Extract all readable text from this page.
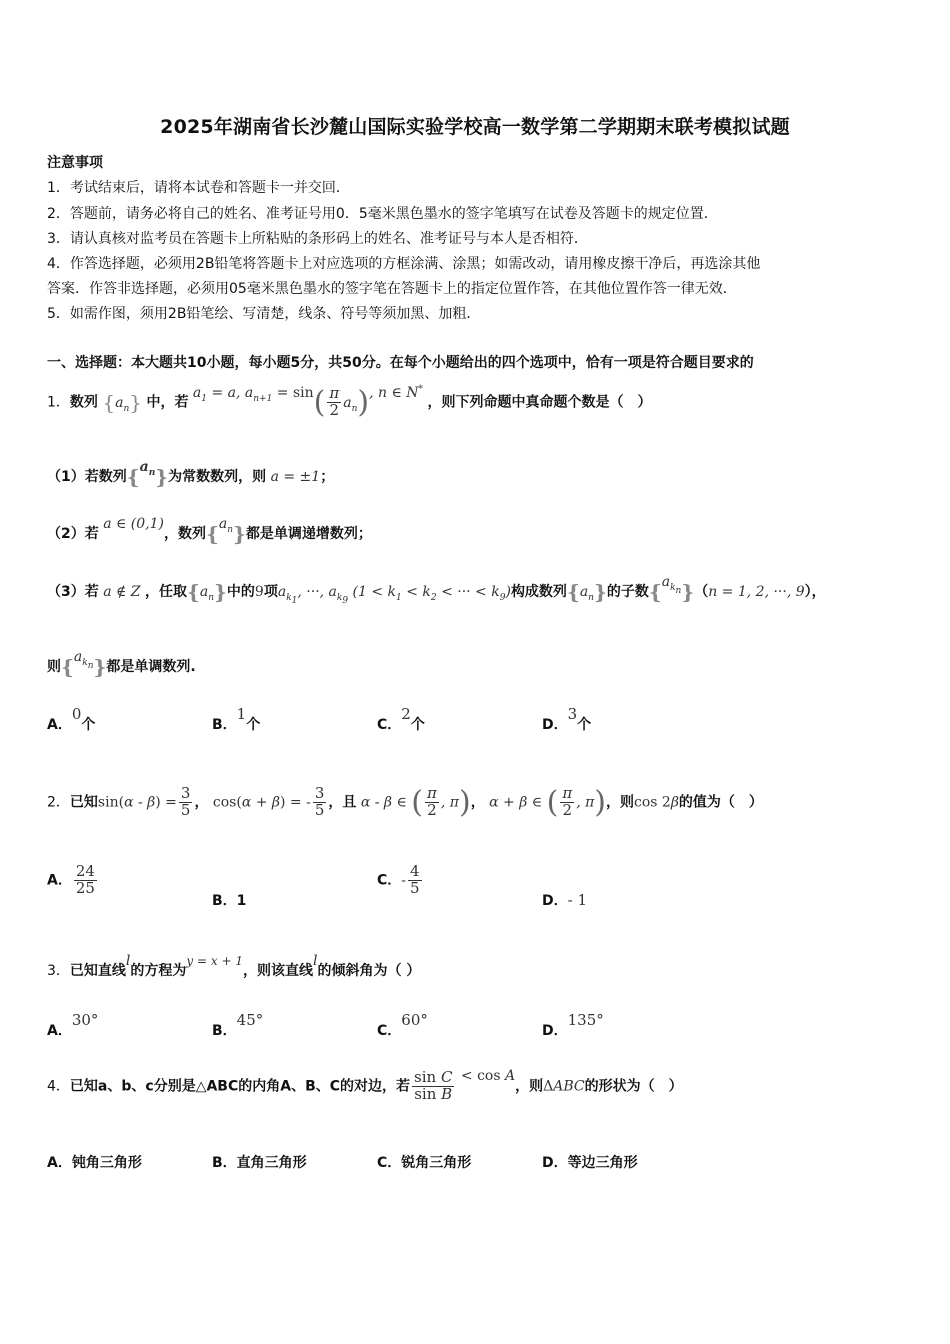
2025年湖南省长沙麓山国际实验学校高一数学第二学期期末联考模拟试题
注意事项
1．考试结束后，请将本试卷和答题卡一并交回．
2．答题前，请务必将自己的姓名、准考证号用0．5毫米黑色墨水的签字笔填写在试卷及答题卡的规定位置．
3．请认真核对监考员在答题卡上所粘贴的条形码上的姓名、准考证号与本人是否相符．
4．作答选择题，必须用2B铅笔将答题卡上对应选项的方框涂满、涂黑；如需改动，请用橡皮擦干净后，再选涂其他
答案．作答非选择题，必须用05毫米黑色墨水的签字笔在答题卡上的指定位置作答，在其他位置作答一律无效．
5．如需作图，须用2B铅笔绘、写清楚，线条、符号等须加黑、加粗．
一、选择题：本大题共10小题，每小题5分，共50分。在每个小题给出的四个选项中，恰有一项是符合题目要求的
1．数列 $\{a_n\}$ 中，若 $a_1 = a$, $a_{n+1} = \sin( \frac{\pi}{2} a_n)$, n ∈ N* ，则下列命题中真命题个数是（　）
（1）若数列$\{a_n\}$为常数数列，则 a = ±1；
（2）若 a ∈ (0,1)，数列$\{a_n\}$都是单调递增数列；
（3）若 a ∉ Z ，任取$\{a_n\}$中的9项$a_{k_1}$, ···, $a_{k_9}$ ($1 < k_1 < k_2$ < ··· < $k_9$)构成数列$\{a_n\}$的子数$\{a_{k_n}\}(n = 1$, 2, ···, 9），
则$\{a_{k_n}\}$都是单调数列.
A．0个	B．1个	C．2个	D．3个
2．已知$\sin(\alpha - \beta) = \frac{3}{5}$ ， cos(α + β) = - $\frac{3}{5}$ ，且 α - β ∈ ( $\frac{\pi}{2}$ , π)， α + β ∈ ( $\frac{\pi}{2}$ , π)，则cos 2β的值为（　）
A． $\frac{24}{25}$
B．1
C．- $\frac{4}{5}$
D．- 1
3．已知直线l的方程为y = x + 1，则该直线l的倾斜角为（ ）
A．30°
B．45°
C．60°
D．135°
4．已知a、b、c分别是△ABC的内角A、B、C的对边，若 $\frac{\text{sin C}}{\text{sin B}} < \cos A$，则ΔABC的形状为（　）
A．钝角三角形	B．直角三角形	C．锐角三角形	D．等边三角形
